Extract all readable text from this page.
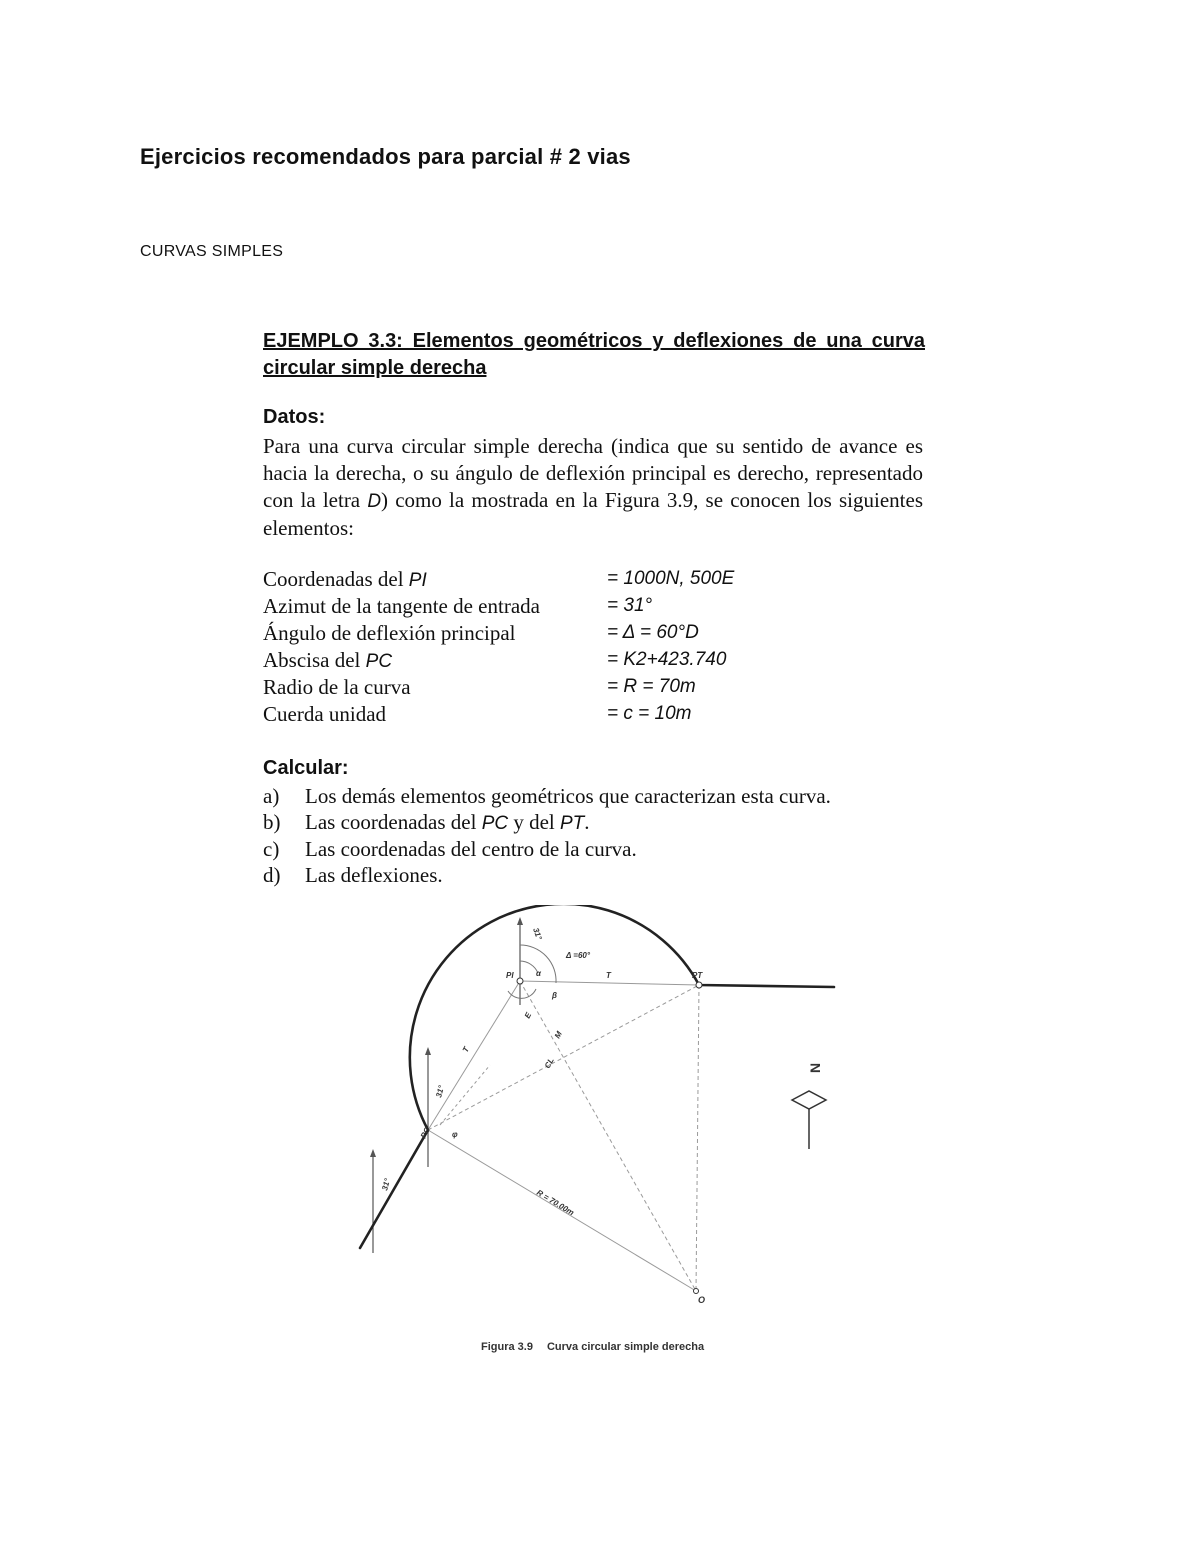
Ejercicios recomendados para parcial # 2 vias
CURVAS SIMPLES
EJEMPLO 3.3: Elementos geométricos y deflexiones de una curva circular simple derecha
Datos:
Para una curva circular simple derecha (indica que su sentido de avance es hacia la derecha, o su ángulo de deflexión principal es derecho, representado con la letra D) como la mostrada en la Figura 3.9, se conocen los siguientes elementos:
Coordenadas del PI	= 1000N, 500E
Azimut de la tangente de entrada	= 31°
Ángulo de deflexión principal	= Δ = 60°D
Abscisa del PC	= K2+423.740
Radio de la curva	= R = 70m
Cuerda unidad	= c = 10m
Calcular:
a) Los demás elementos geométricos que caracterizan esta curva.
b) Las coordenadas del PC y del PT.
c) Las coordenadas del centro de la curva.
d) Las deflexiones.
PI	PT
T
Δ =60°
α
β
φ
O
T
E
M
CL
PC
31°
31°
31°
R = 70.00m
N
Figura 3.9 Curva circular simple derecha
